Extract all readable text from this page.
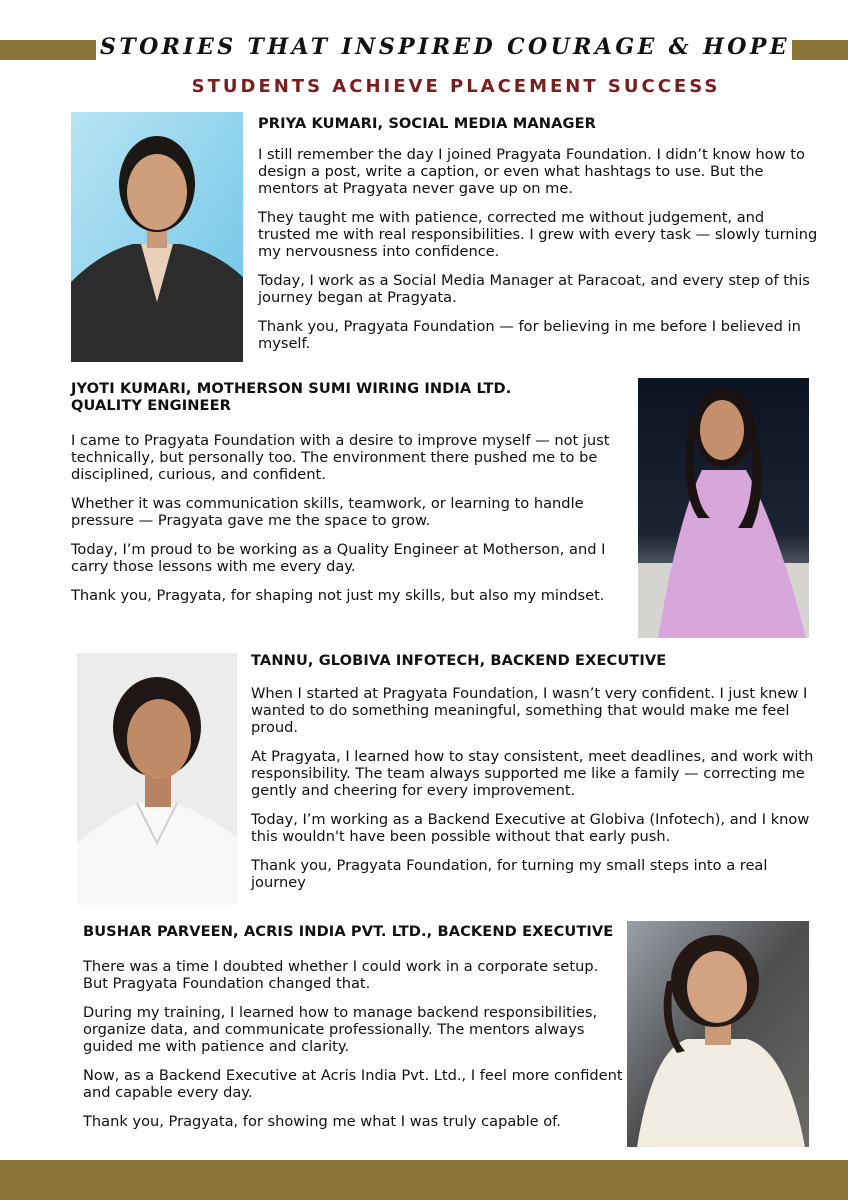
STORIES THAT INSPIRED COURAGE & HOPE
STUDENTS ACHIEVE PLACEMENT SUCCESS
PRIYA KUMARI, SOCIAL MEDIA MANAGER

I still remember the day I joined Pragyata Foundation. I didn’t know how to design a post, write a caption, or even what hashtags to use. But the mentors at Pragyata never gave up on me.

They taught me with patience, corrected me without judgement, and trusted me with real responsibilities. I grew with every task — slowly turning my nervousness into confidence.

Today, I work as a Social Media Manager at Paracoat, and every step of this journey began at Pragyata.

Thank you, Pragyata Foundation — for believing in me before I believed in myself.

JYOTI KUMARI, MOTHERSON SUMI WIRING INDIA LTD.
QUALITY ENGINEER

I came to Pragyata Foundation with a desire to improve myself — not just technically, but personally too. The environment there pushed me to be disciplined, curious, and confident.

Whether it was communication skills, teamwork, or learning to handle pressure — Pragyata gave me the space to grow.

Today, I’m proud to be working as a Quality Engineer at Motherson, and I carry those lessons with me every day.

Thank you, Pragyata, for shaping not just my skills, but also my mindset.

TANNU, GLOBIVA INFOTECH, BACKEND EXECUTIVE

When I started at Pragyata Foundation, I wasn’t very confident. I just knew I wanted to do something meaningful, something that would make me feel proud.

At Pragyata, I learned how to stay consistent, meet deadlines, and work with responsibility. The team always supported me like a family — correcting me gently and cheering for every improvement.

Today, I’m working as a Backend Executive at Globiva (Infotech), and I know this wouldn't have been possible without that early push.

Thank you, Pragyata Foundation, for turning my small steps into a real journey

BUSHAR PARVEEN, ACRIS INDIA PVT. LTD., BACKEND EXECUTIVE

There was a time I doubted whether I could work in a corporate setup. But Pragyata Foundation changed that.

During my training, I learned how to manage backend responsibilities, organize data, and communicate professionally. The mentors always guided me with patience and clarity.

Now, as a Backend Executive at Acris India Pvt. Ltd., I feel more confident and capable every day.

Thank you, Pragyata, for showing me what I was truly capable of.
